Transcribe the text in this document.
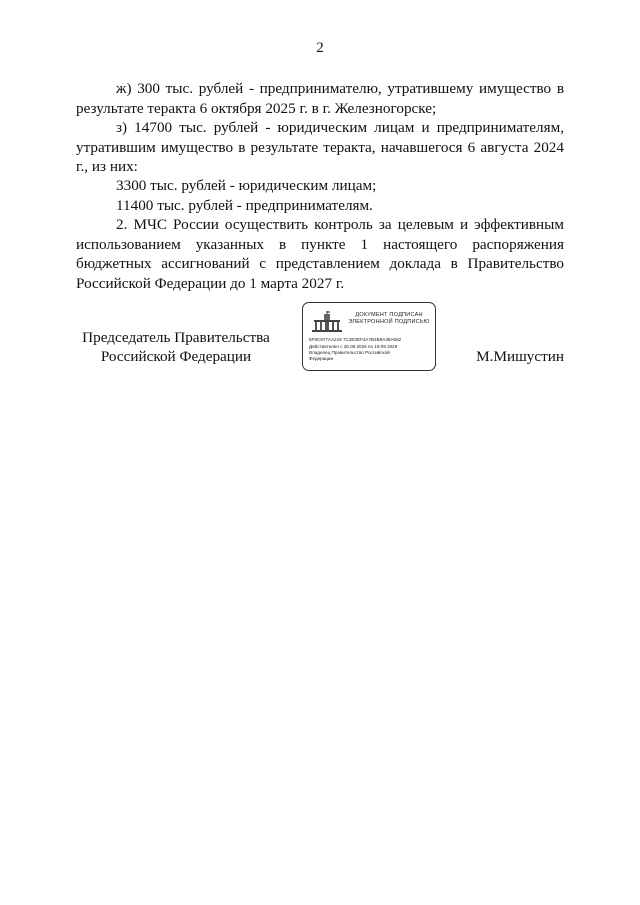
2
ж) 300 тыс. рублей - предпринимателю, утратившему имущество в результате теракта 6 октября 2025 г. в г. Железногорске;
з) 14700 тыс. рублей - юридическим лицам и предпринимателям, утратившим имущество в результате теракта, начавшегося 6 августа 2024 г., из них:
3300 тыс. рублей - юридическим лицам;
11400 тыс. рублей - предпринимателям.
2. МЧС России осуществить контроль за целевым и эффективным использованием указанных в пункте 1 настоящего распоряжения бюджетных ассигнований с представлением доклада в Правительство Российской Федерации до 1 марта 2027 г.
Председатель Правительства
Российской Федерации
ДОКУМЕНТ ПОДПИСАН
ЭЛЕКТРОННОЙ ПОДПИСЬЮ
5F9C877AA219 7C2E0EF4A7B4B9A38A682
Действителен с 26.08.2026 по 19.09.2026
Владелец Правительство Российской
Федерации	М.Мишустин
